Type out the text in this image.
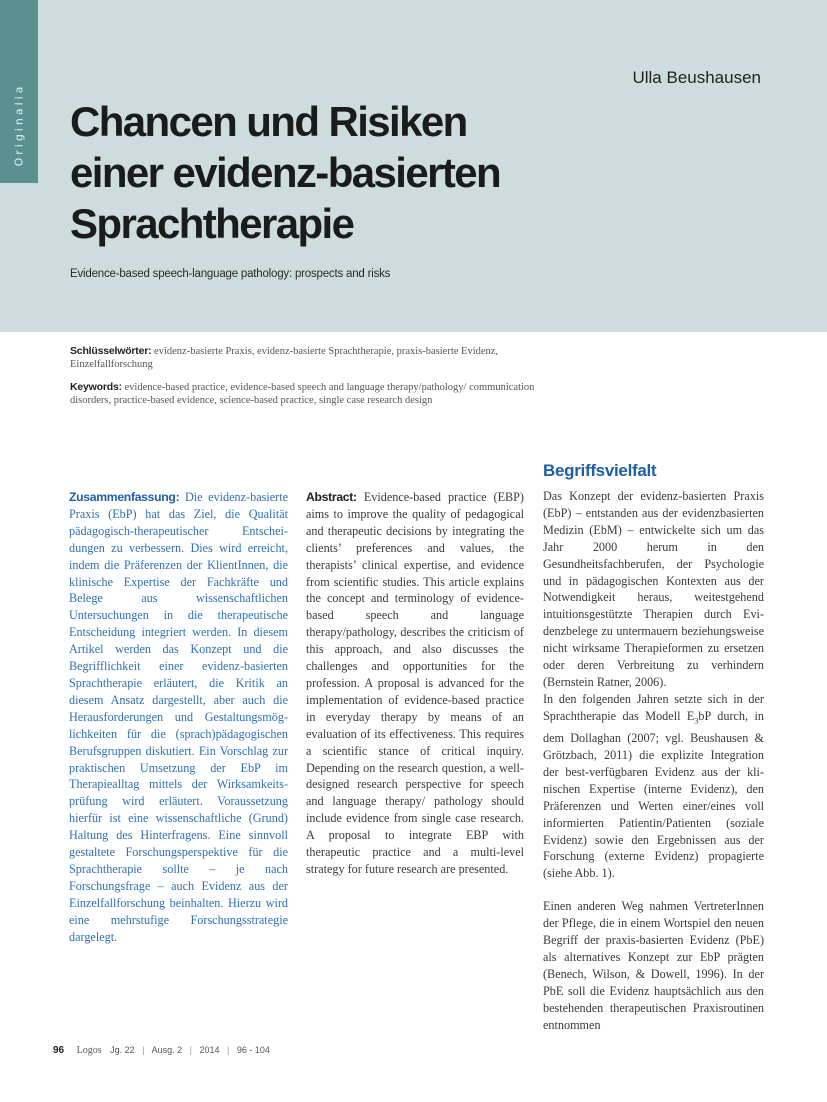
Originalia
Ulla Beushausen
Chancen und Risiken
einer evidenz-basierten
Sprachtherapie
Evidence-based speech-language pathology: prospects and risks
Schlüsselwörter: evidenz-basierte Praxis, evidenz-basierte Sprachtherapie, praxis-basierte Evidenz, Einzelfallforschung
Keywords: evidence-based practice, evidence-based speech and language therapy/pathology/ communication disorders, practice-based evidence, science-based practice, single case research design
Zusammenfassung: Die evidenz-basierte Praxis (EbP) hat das Ziel, die Qualität pädagogisch-therapeutischer Entscheidungen zu verbessern. Dies wird erreicht, indem die Präferenzen der KlientInnen, die klinische Expertise der Fachkräfte und Belege aus wissenschaftlichen Untersuchungen in die therapeutische Entscheidung integriert werden. In diesem Artikel werden das Konzept und die Begrifflichkeit einer evidenz-basierten Sprachtherapie erläutert, die Kritik an diesem Ansatz dargestellt, aber auch die Herausforderungen und Gestaltungsmöglichkeiten für die (sprach)pädagogischen Berufsgruppen diskutiert. Ein Vorschlag zur praktischen Umsetzung der EbP im Therapiealltag mittels der Wirksamkeitsprüfung wird erläutert. Voraussetzung hierfür ist eine wissenschaftliche (Grund) Haltung des Hinterfragens. Eine sinnvoll gestaltete Forschungsperspektive für die Sprachtherapie sollte – je nach Forschungsfrage – auch Evidenz aus der Einzelfallforschung beinhalten. Hierzu wird eine mehrstufige Forschungsstrategie dargelegt.
Abstract: Evidence-based practice (EBP) aims to improve the quality of pedagogical and therapeutic decisions by integrating the clients’ preferences and values, the therapists’ clinical expertise, and evidence from scientific studies. This article explains the concept and terminology of evidence-based speech and language therapy/pathology, describes the criticism of this approach, and also discusses the challenges and opportunities for the profession. A proposal is advanced for the implementation of evidence-based practice in everyday therapy by means of an evaluation of its effectiveness. This requires a scientific stance of critical inquiry. Depending on the research question, a well-designed research perspective for speech and language therapy/ pathology should include evidence from single case research. A proposal to integrate EBP with therapeutic practice and a multi-level strategy for future research are presented.
Begriffsvielfalt
Das Konzept der evidenz-basierten Praxis (EbP) – entstanden aus der evidenzbasierten Medizin (EbM) – entwickelte sich um das Jahr 2000 herum in den Gesundheitsfachberufen, der Psychologie und in pädagogischen Kontexten aus der Notwendigkeit heraus, weitestgehend intuitionsgestützte Therapien durch Evidenzbelege zu untermauern beziehungsweise nicht wirksame Therapieformen zu ersetzen oder deren Verbreitung zu verhindern (Bernstein Ratner, 2006).
In den folgenden Jahren setzte sich in der Sprachtherapie das Modell $E_3bP$ durch, in dem Dollaghan (2007; vgl. Beushausen & Grötzbach, 2011) die explizite Integration der best-verfügbaren Evidenz aus der klinischen Expertise (interne Evidenz), den Präferenzen und Werten einer/eines voll informierten Patientin/Patienten (soziale Evidenz) sowie den Ergebnissen aus der Forschung (externe Evidenz) propagierte (siehe Abb. 1).
Einen anderen Weg nahmen VertreterInnen der Pflege, die in einem Wortspiel den neuen Begriff der praxis-basierten Evidenz (PbE) als alternatives Konzept zur EbP prägten (Benech, Wilson, & Dowell, 1996). In der PbE soll die Evidenz hauptsächlich aus den bestehenden therapeutischen Praxisroutinen entnommen
96 Logos Jg. 22 | Ausg. 2 | 2014 | 96 - 104
